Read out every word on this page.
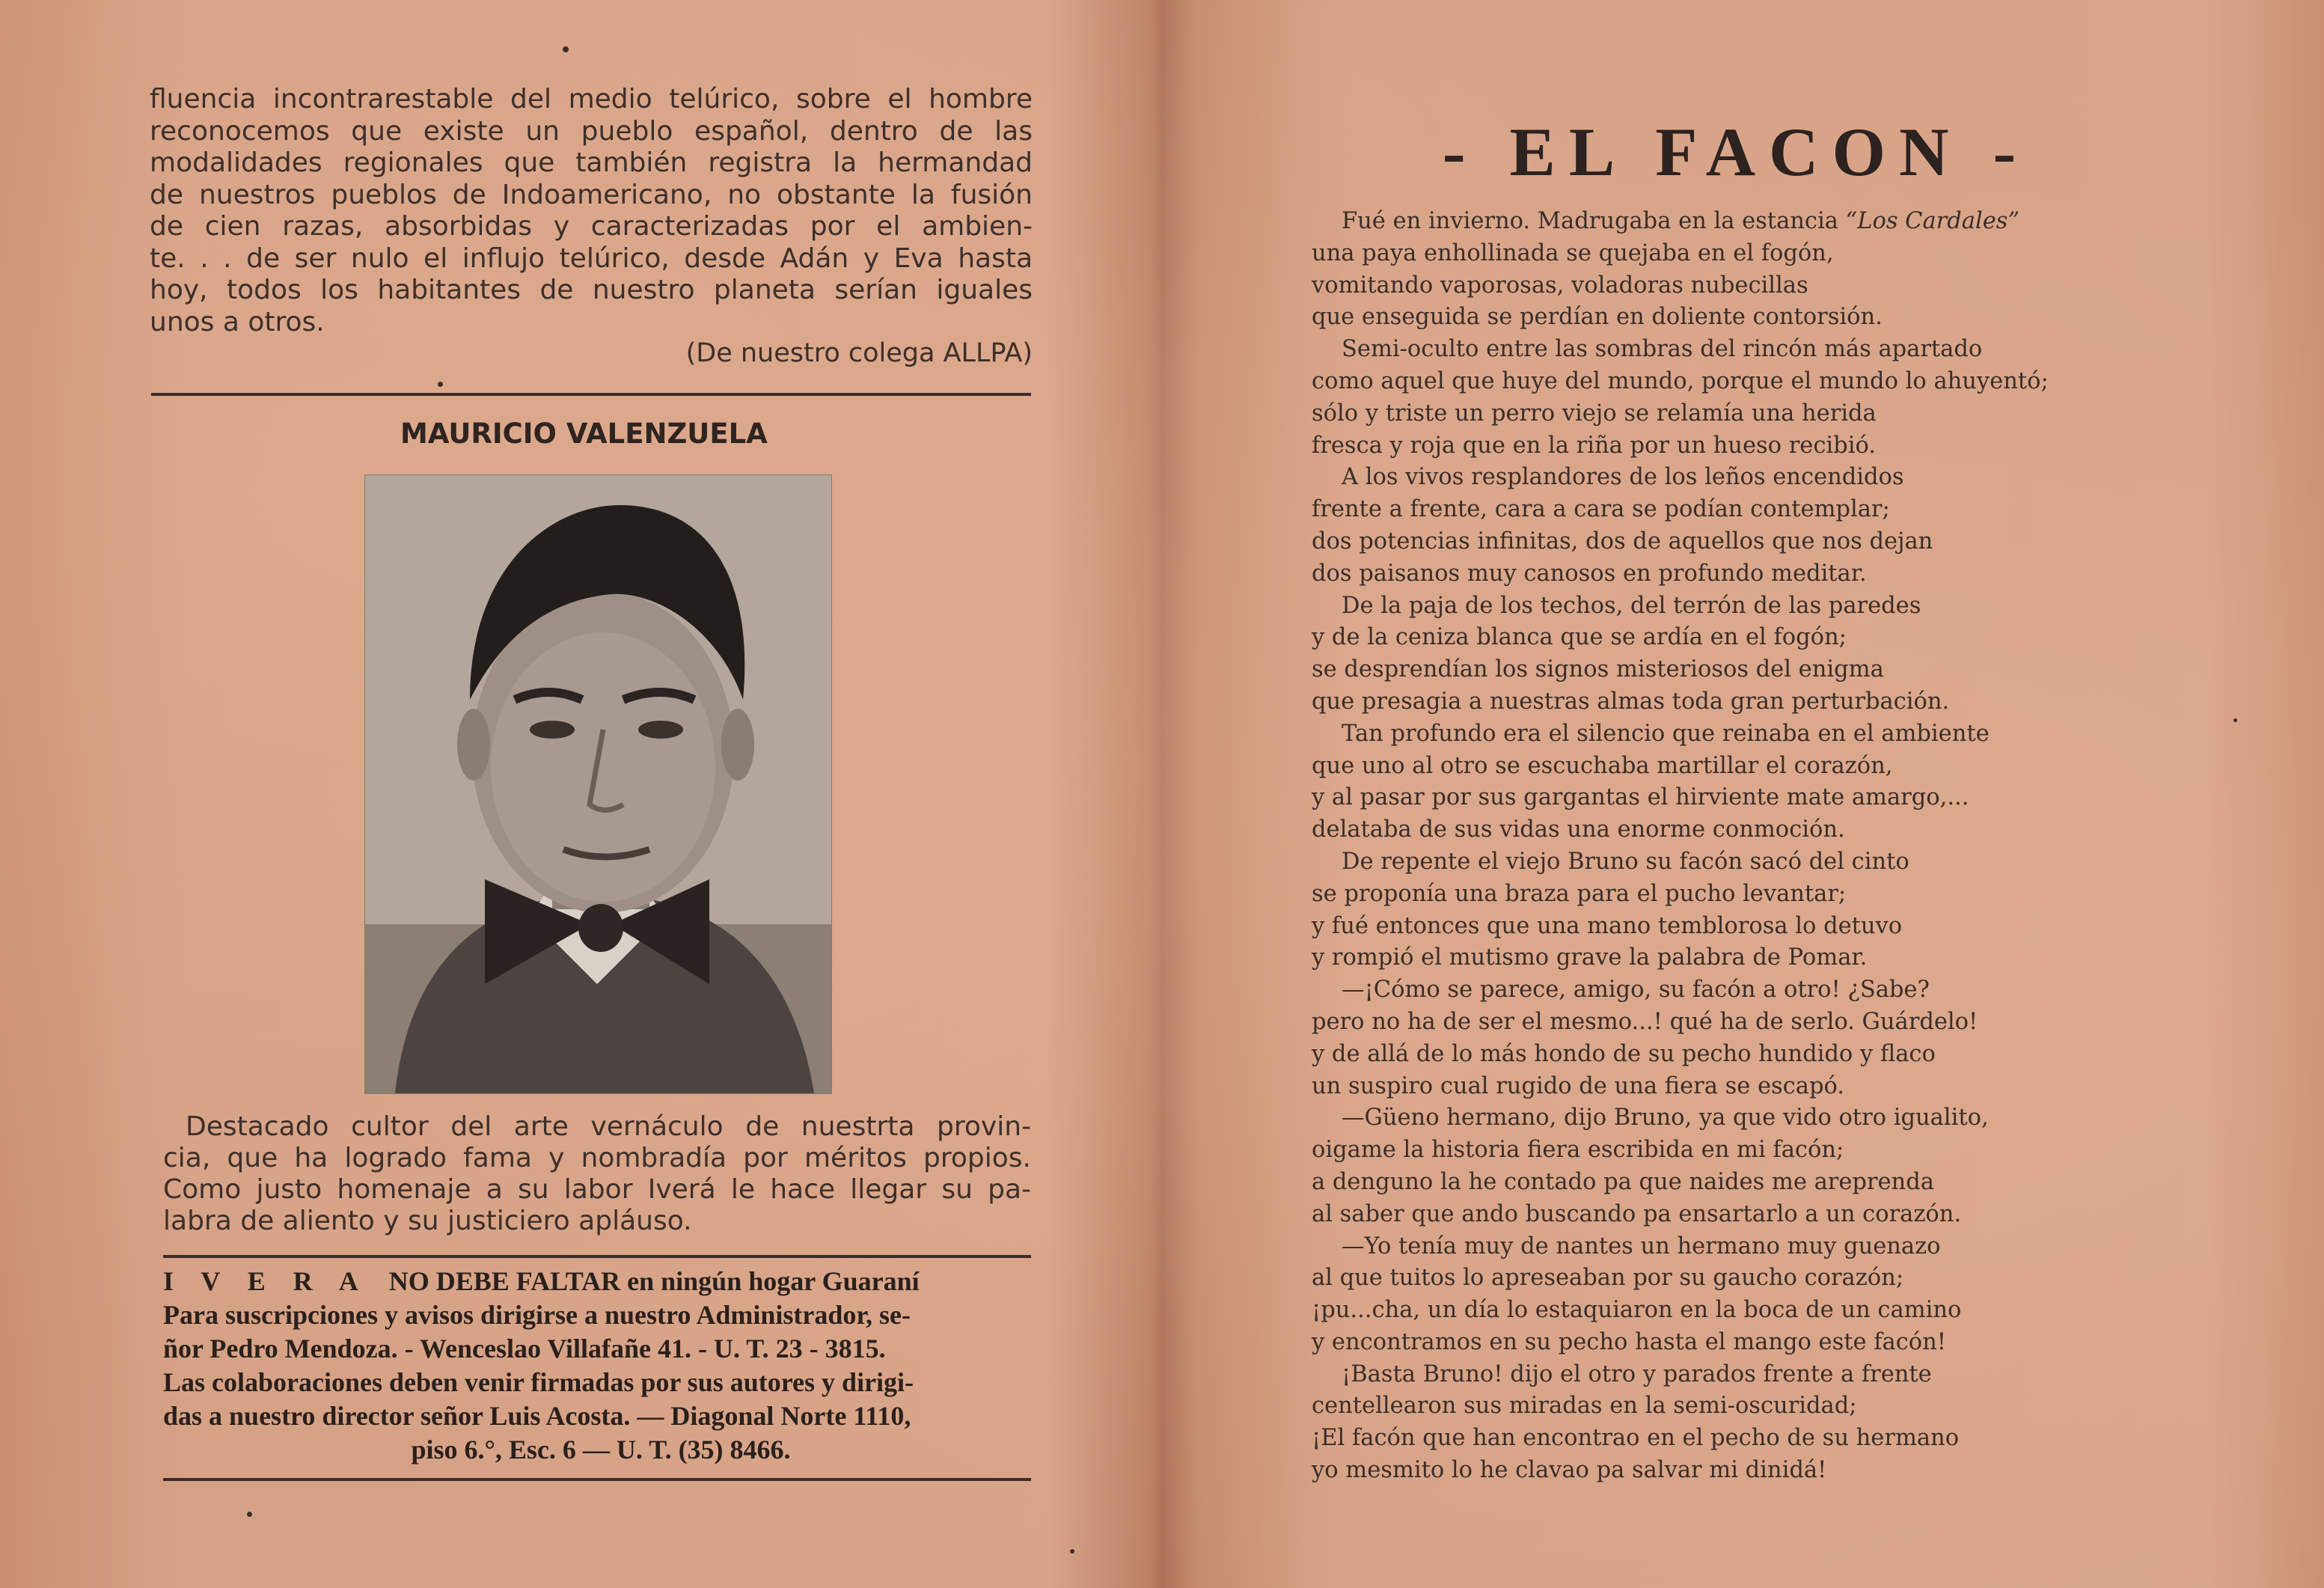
fluencia incontrarestable del medio telúrico, sobre el hombre

reconocemos que existe un pueblo español, dentro de las

modalidades regionales que también registra la hermandad

de nuestros pueblos de Indoamericano, no obstante la fusión

de cien razas, absorbidas y caracterizadas por el ambien-

te. . . de ser nulo el influjo telúrico, desde Adán y Eva hasta

hoy, todos los habitantes de nuestro planeta serían iguales

unos a otros.

(De nuestro colega ALLPA)
MAURICIO VALENZUELA

Destacado cultor del arte vernáculo de nuestrta provin-

cia, que ha logrado fama y nombradía por méritos propios.

Como justo homenaje a su labor Iverá le hace llegar su pa-

labra de aliento y su justiciero apláuso.

I V E R A NO DEBE FALTAR en ningún hogar Guaraní

Para suscripciones y avisos dirigirse a nuestro Administrador, se-

ñor Pedro Mendoza. - Wenceslao Villafañe 41. - U. T. 23 - 3815.

Las colaboraciones deben venir firmadas por sus autores y dirigi-

das a nuestro director señor Luis Acosta. — Diagonal Norte 1110,

piso 6.°, Esc. 6 — U. T. (35) 8466.

- EL FACON -
Fué en invierno. Madrugaba en la estancia “Los Cardales”
una paya enhollinada se quejaba en el fogón,
vomitando vaporosas, voladoras nubecillas
que enseguida se perdían en doliente contorsión.
Semi-oculto entre las sombras del rincón más apartado
como aquel que huye del mundo, porque el mundo lo ahuyentó;
sólo y triste un perro viejo se relamía una herida
fresca y roja que en la riña por un hueso recibió.
A los vivos resplandores de los leños encendidos
frente a frente, cara a cara se podían contemplar;
dos potencias infinitas, dos de aquellos que nos dejan
dos paisanos muy canosos en profundo meditar.
De la paja de los techos, del terrón de las paredes
y de la ceniza blanca que se ardía en el fogón;
se desprendían los signos misteriosos del enigma
que presagia a nuestras almas toda gran perturbación.
Tan profundo era el silencio que reinaba en el ambiente
que uno al otro se escuchaba martillar el corazón,
y al pasar por sus gargantas el hirviente mate amargo,...
delataba de sus vidas una enorme conmoción.
De repente el viejo Bruno su facón sacó del cinto
se proponía una braza para el pucho levantar;
y fué entonces que una mano temblorosa lo detuvo
y rompió el mutismo grave la palabra de Pomar.
—¡Cómo se parece, amigo, su facón a otro! ¿Sabe?
pero no ha de ser el mesmo...! qué ha de serlo. Guárdelo!
y de allá de lo más hondo de su pecho hundido y flaco
un suspiro cual rugido de una fiera se escapó.
—Güeno hermano, dijo Bruno, ya que vido otro igualito,
oigame la historia fiera escribida en mi facón;
a denguno la he contado pa que naides me areprenda
al saber que ando buscando pa ensartarlo a un corazón.
—Yo tenía muy de nantes un hermano muy guenazo
al que tuitos lo apreseaban por su gaucho corazón;
¡pu...cha, un día lo estaquiaron en la boca de un camino
y encontramos en su pecho hasta el mango este facón!
¡Basta Bruno! dijo el otro y parados frente a frente
centellearon sus miradas en la semi-oscuridad;
¡El facón que han encontrao en el pecho de su hermano
yo mesmito lo he clavao pa salvar mi dinidá!
